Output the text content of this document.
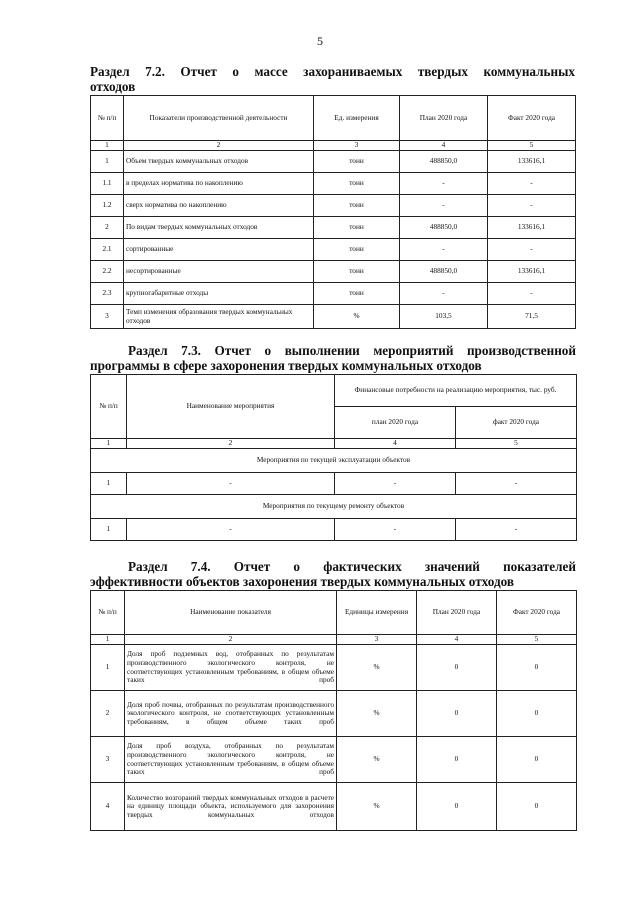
5
Раздел 7.2. Отчет о массе захораниваемых твердых коммунальных
отходов
№ п/п	Показатели производственной деятельности	Ед. измерения	План 2020 года	Факт 2020 года
1	2	3	4	5
1	Объем твердых коммунальных отходов	тонн	488850,0	133616,1
1.1	в пределах норматива по накоплению	тонн	-	-
1.2	сверх норматива по накоплению	тонн	-	-
2	По видам твердых коммунальных отходов	тонн	488850,0	133616,1
2.1	сортированные	тонн	-	-
2.2	несортированные	тонн	488850,0	133616,1
2.3	крупногабаритные отходы	тонн	-	-
3	Темп изменения образования твердых коммунальных отходов	%	103,5	71,5
Раздел 7.3. Отчет о выполнении мероприятий производственной
программы в сфере захоронения твердых коммунальных отходов
№ п/п	Наименование мероприятия	Финансовые потребности на реализацию мероприятия, тыс. руб.	
		план 2020 года	факт 2020 года
1	2	4	5
Мероприятия по текущей эксплуатации объектов			
1	-	-	-
Мероприятия по текущему ремонту объектов			
1	-	-	-
Раздел 7.4. Отчет о фактических значений показателей
эффективности объектов захоронения твердых коммунальных отходов
№ п/п	Наименование показателя	Единицы измерения	План 2020 года	Факт 2020 года
1	2	3	4	5
1	Доля проб подземных вод, отобранных по результатам производственного экологического контроля, не соответствующих установленным требованиям, в общем объеме таких проб	%	0	0
2	Доля проб почвы, отобранных по результатам производственного экологического контроля, не соответствующих установленным требованиям, в общем объеме таких проб	%	0	0
3	Доля проб воздуха, отобранных по результатам производственного экологического контроля, не соответствующих установленным требованиям, в общем объеме таких проб	%	0	0
4	Количество возгораний твердых коммунальных отходов в расчете на единицу площади объекта, используемого для захоронения твердых коммунальных отходов	%	0	0
